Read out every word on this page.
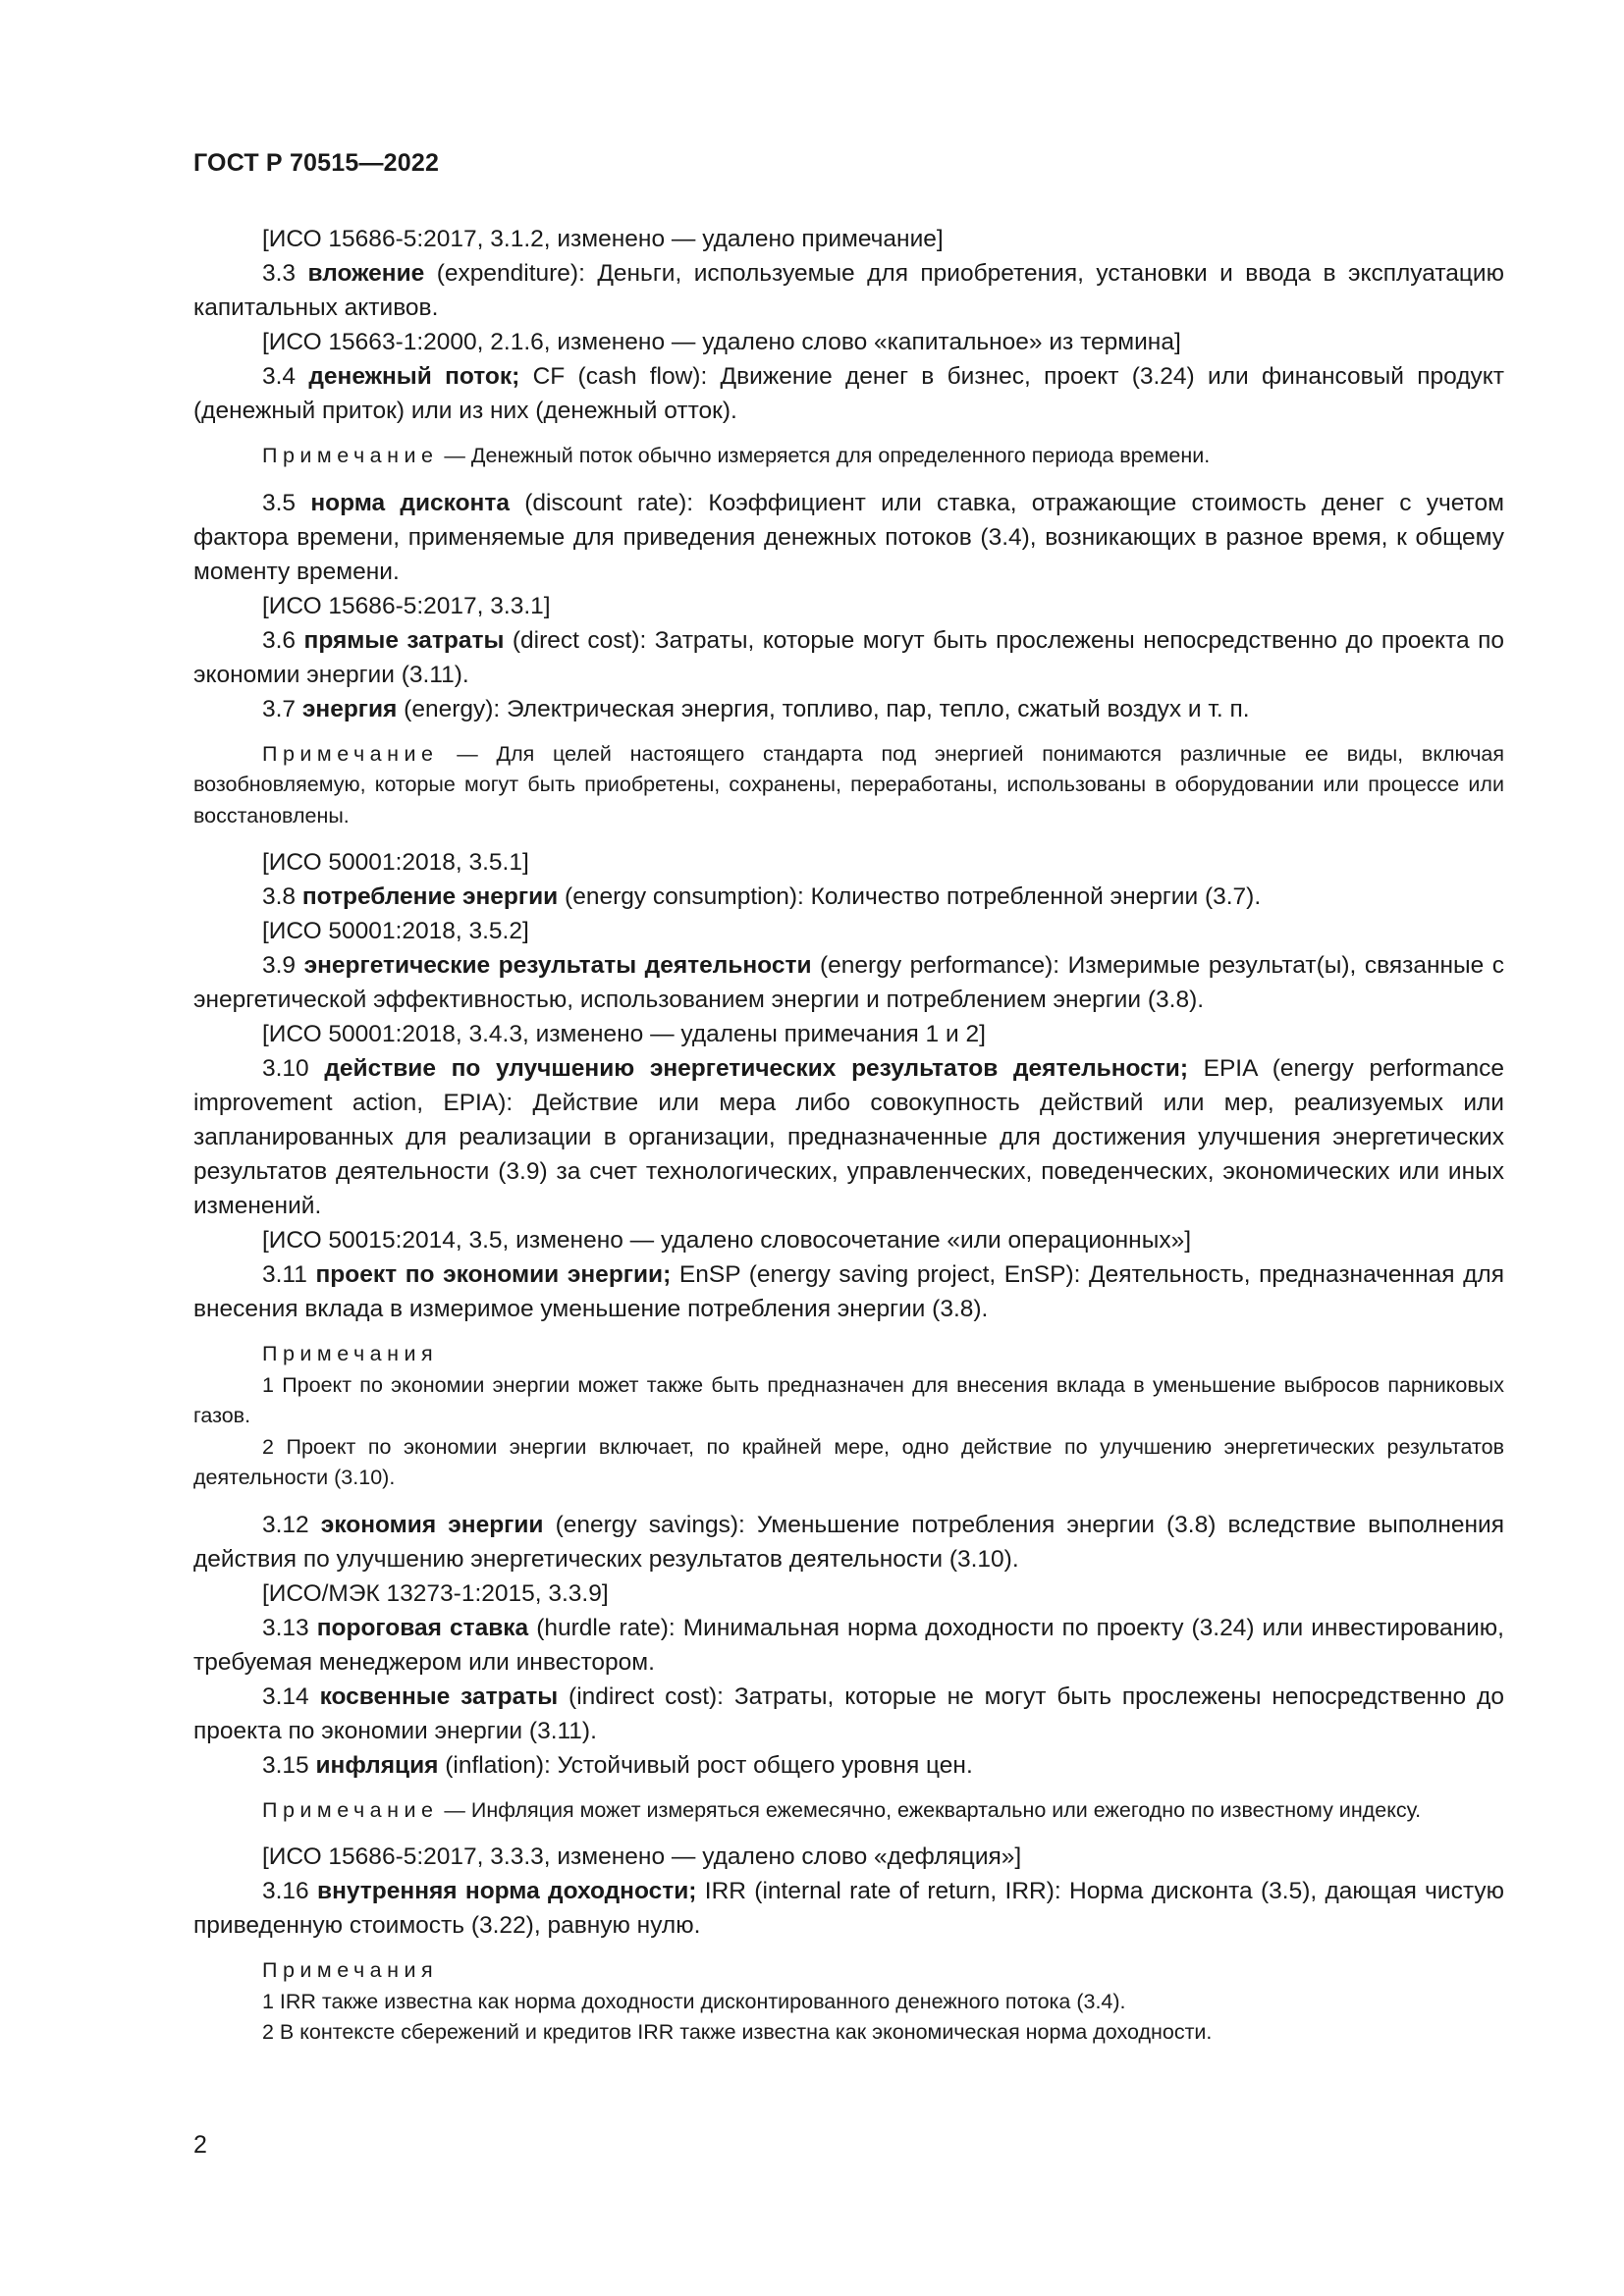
ГОСТ Р 70515—2022

[ИСО 15686-5:2017, 3.1.2, изменено — удалено примечание]

3.3 вложение (expenditure): Деньги, используемые для приобретения, установки и ввода в эксплуатацию капитальных активов.

[ИСО 15663-1:2000, 2.1.6, изменено — удалено слово «капитальное» из термина]

3.4 денежный поток; CF (cash flow): Движение денег в бизнес, проект (3.24) или финансовый продукт (денежный приток) или из них (денежный отток).

Примечание — Денежный поток обычно измеряется для определенного периода времени.

3.5 норма дисконта (discount rate): Коэффициент или ставка, отражающие стоимость денег с учетом фактора времени, применяемые для приведения денежных потоков (3.4), возникающих в разное время, к общему моменту времени.

[ИСО 15686-5:2017, 3.3.1]

3.6 прямые затраты (direct cost): Затраты, которые могут быть прослежены непосредственно до проекта по экономии энергии (3.11).

3.7 энергия (energy): Электрическая энергия, топливо, пар, тепло, сжатый воздух и т. п.

Примечание — Для целей настоящего стандарта под энергией понимаются различные ее виды, включая возобновляемую, которые могут быть приобретены, сохранены, переработаны, использованы в оборудовании или процессе или восстановлены.

[ИСО 50001:2018, 3.5.1]

3.8 потребление энергии (energy consumption): Количество потребленной энергии (3.7).

[ИСО 50001:2018, 3.5.2]

3.9 энергетические результаты деятельности (energy performance): Измеримые результат(ы), связанные с энергетической эффективностью, использованием энергии и потреблением энергии (3.8).

[ИСО 50001:2018, 3.4.3, изменено — удалены примечания 1 и 2]

3.10 действие по улучшению энергетических результатов деятельности; EPIA (energy performance improvement action, EPIA): Действие или мера либо совокупность действий или мер, реализуемых или запланированных для реализации в организации, предназначенные для достижения улучшения энергетических результатов деятельности (3.9) за счет технологических, управленческих, поведенческих, экономических или иных изменений.

[ИСО 50015:2014, 3.5, изменено — удалено словосочетание «или операционных»]

3.11 проект по экономии энергии; EnSP (energy saving project, EnSP): Деятельность, предназначенная для внесения вклада в измеримое уменьшение потребления энергии (3.8).

Примечания

1 Проект по экономии энергии может также быть предназначен для внесения вклада в уменьшение выбросов парниковых газов.

2 Проект по экономии энергии включает, по крайней мере, одно действие по улучшению энергетических результатов деятельности (3.10).

3.12 экономия энергии (energy savings): Уменьшение потребления энергии (3.8) вследствие выполнения действия по улучшению энергетических результатов деятельности (3.10).

[ИСО/МЭК 13273-1:2015, 3.3.9]

3.13 пороговая ставка (hurdle rate): Минимальная норма доходности по проекту (3.24) или инвестированию, требуемая менеджером или инвестором.

3.14 косвенные затраты (indirect cost): Затраты, которые не могут быть прослежены непосредственно до проекта по экономии энергии (3.11).

3.15 инфляция (inflation): Устойчивый рост общего уровня цен.

Примечание — Инфляция может измеряться ежемесячно, ежеквартально или ежегодно по известному индексу.

[ИСО 15686-5:2017, 3.3.3, изменено — удалено слово «дефляция»]

3.16 внутренняя норма доходности; IRR (internal rate of return, IRR): Норма дисконта (3.5), дающая чистую приведенную стоимость (3.22), равную нулю.

Примечания

1 IRR также известна как норма доходности дисконтированного денежного потока (3.4).

2 В контексте сбережений и кредитов IRR также известна как экономическая норма доходности.

2
